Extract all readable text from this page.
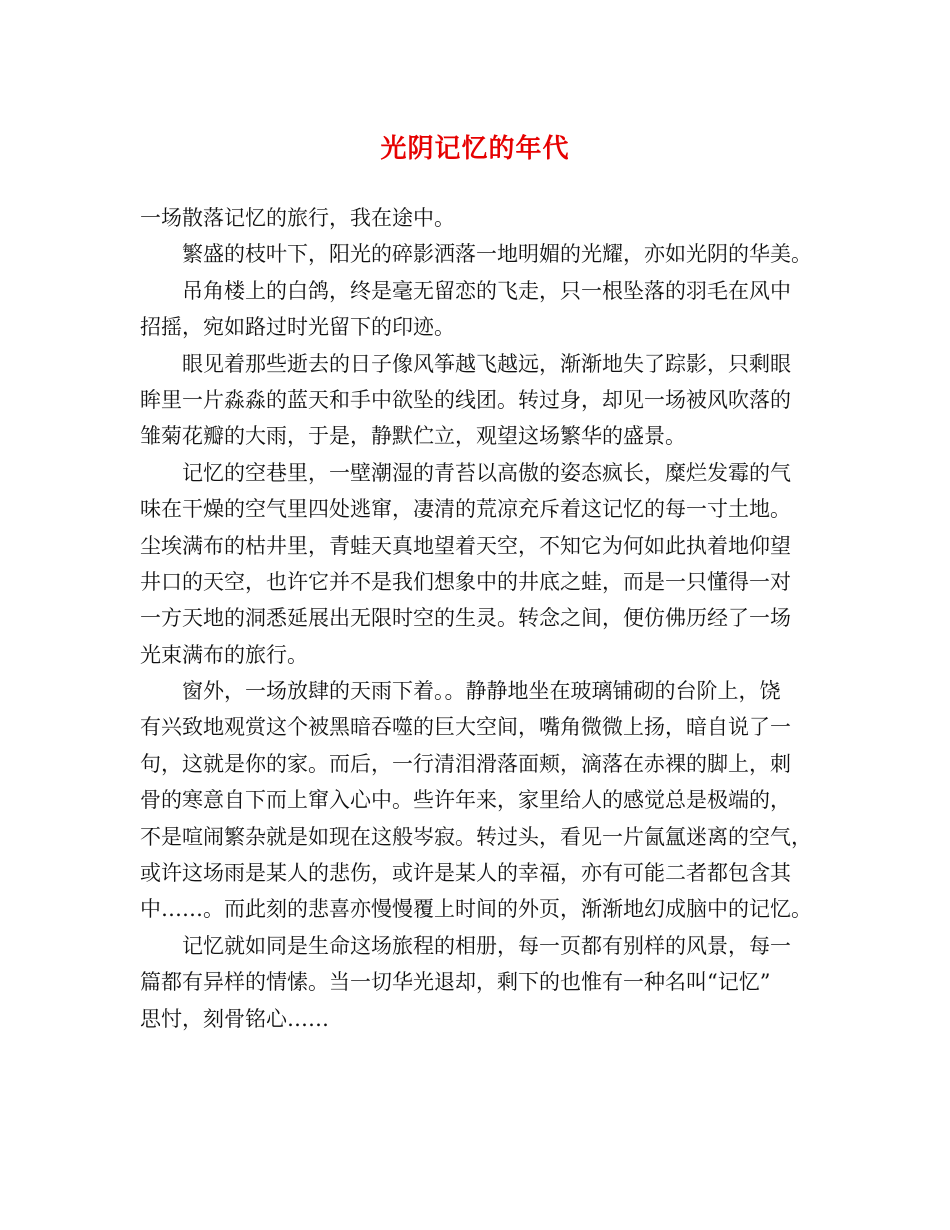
光阴记忆的年代
一场散落记忆的旅行，我在途中。
繁盛的枝叶下，阳光的碎影洒落一地明媚的光耀，亦如光阴的华美。
吊角楼上的白鸽，终是毫无留恋的飞走，只一根坠落的羽毛在风中
招摇，宛如路过时光留下的印迹。
眼见着那些逝去的日子像风筝越飞越远，渐渐地失了踪影，只剩眼
眸里一片淼淼的蓝天和手中欲坠的线团。转过身，却见一场被风吹落的
雏菊花瓣的大雨，于是，静默伫立，观望这场繁华的盛景。
记忆的空巷里，一壁潮湿的青苔以高傲的姿态疯长，糜烂发霉的气
味在干燥的空气里四处逃窜，凄清的荒凉充斥着这记忆的每一寸土地。
尘埃满布的枯井里，青蛙天真地望着天空，不知它为何如此执着地仰望
井口的天空，也许它并不是我们想象中的井底之蛙，而是一只懂得一对
一方天地的洞悉延展出无限时空的生灵。转念之间，便仿佛历经了一场
光束满布的旅行。
窗外，一场放肆的天雨下着。。静静地坐在玻璃铺砌的台阶上，饶
有兴致地观赏这个被黑暗吞噬的巨大空间，嘴角微微上扬，暗自说了一
句，这就是你的家。而后，一行清泪滑落面颊，滴落在赤裸的脚上，刺
骨的寒意自下而上窜入心中。些许年来，家里给人的感觉总是极端的，
不是喧闹繁杂就是如现在这般岑寂。转过头，看见一片氤氲迷离的空气，
或许这场雨是某人的悲伤，或许是某人的幸福，亦有可能二者都包含其
中……。而此刻的悲喜亦慢慢覆上时间的外页，渐渐地幻成脑中的记忆。
记忆就如同是生命这场旅程的相册，每一页都有别样的风景，每一
篇都有异样的情愫。当一切华光退却，剩下的也惟有一种名叫“记忆”
思忖，刻骨铭心……
